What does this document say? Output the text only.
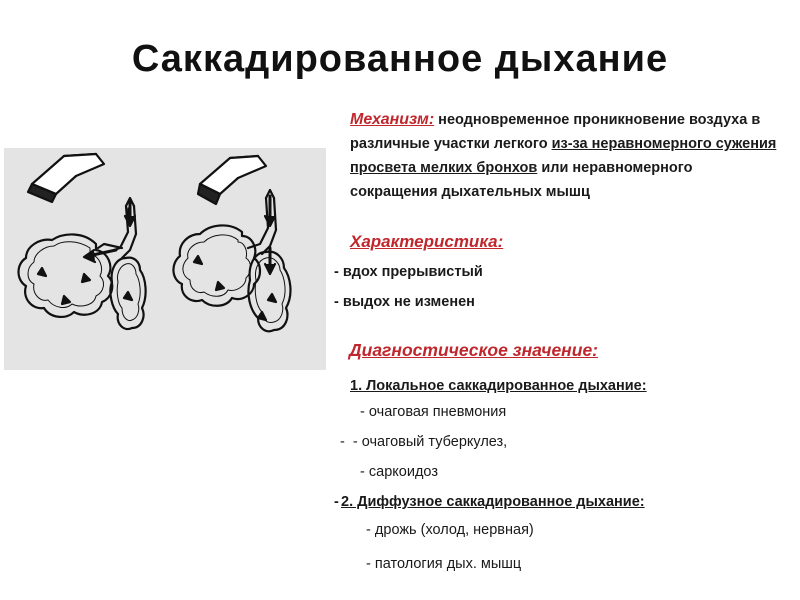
Саккадированное дыхание
Механизм: неодновременное проникновение воздуха в различные участки легкого из-за неравномерного сужения просвета мелких бронхов или неравномерного сокращения дыхательных мышц
Характеристика:
- вдох прерывистый
- выдох не изменен
Диагностическое значение:
1. Локальное саккадированное дыхание:
- очаговая пневмония
-  - очаговый туберкулез,
- саркоидоз
- 2. Диффузное саккадированное дыхание:
- дрожь (холод, нервная)
- патология дых. мышц
